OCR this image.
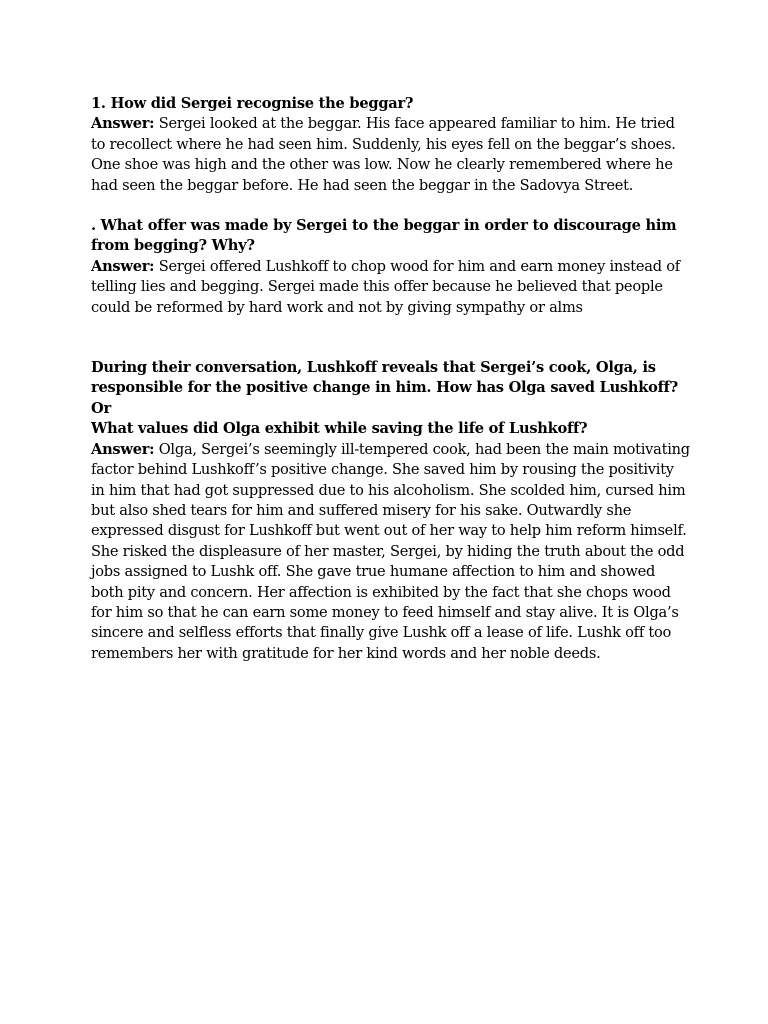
1. How did Sergei recognise the beggar?
Answer: Sergei looked at the beggar. His face appeared familiar to him. He tried to recollect where he had seen him. Suddenly, his eyes fell on the beggar’s shoes. One shoe was high and the other was low. Now he clearly remembered where he had seen the beggar before. He had seen the beggar in the Sadovya Street.
. What offer was made by Sergei to the beggar in order to discourage him from begging? Why?
Answer: Sergei offered Lushkoff to chop wood for him and earn money instead of telling lies and begging. Sergei made this offer because he believed that people could be reformed by hard work and not by giving sympathy or alms
During their conversation, Lushkoff reveals that Sergei’s cook, Olga, is responsible for the positive change in him. How has Olga saved Lushkoff?
Or
What values did Olga exhibit while saving the life of Lushkoff?
Answer: Olga, Sergei’s seemingly ill-tempered cook, had been the main motivating factor behind Lushkoff’s positive change. She saved him by rousing the positivity in him that had got suppressed due to his alcoholism. She scolded him, cursed him but also shed tears for him and suffered misery for his sake. Outwardly she expressed disgust for Lushkoff but went out of her way to help him reform himself. She risked the displeasure of her master, Sergei, by hiding the truth about the odd jobs assigned to Lushk off. She gave true humane affection to him and showed both pity and concern. Her affection is exhibited by the fact that she chops wood for him so that he can earn some money to feed himself and stay alive. It is Olga’s sincere and selfless efforts that finally give Lushk off a lease of life. Lushk off too remembers her with gratitude for her kind words and her noble deeds.
